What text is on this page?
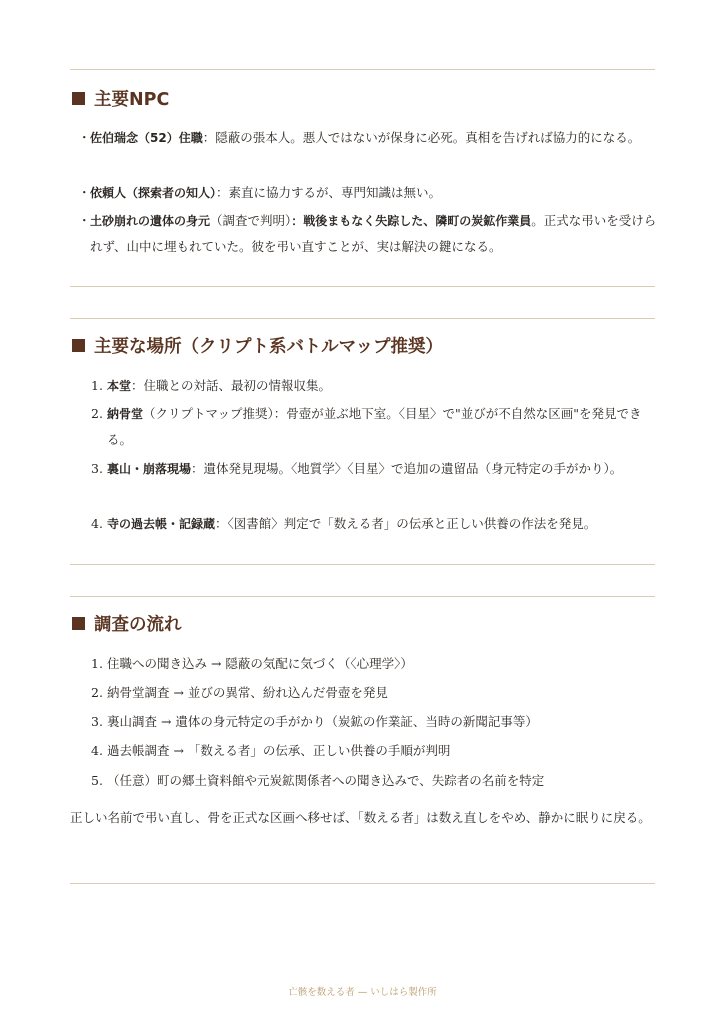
主要NPC
・ 佐伯瑞念（52）住職：隠蔽の張本人。悪人ではないが保身に必死。真相を告げれば協力的になる。
・ 依頼人（探索者の知人）：素直に協力するが、専門知識は無い。
・ 土砂崩れの遺体の身元（調査で判明）：戦後まもなく失踪した、隣町の炭鉱作業員。正式な弔いを受けられず、山中に埋もれていた。彼を弔い直すことが、実は解決の鍵になる。
主要な場所（クリプト系バトルマップ推奨）
1. 本堂：住職との対話、最初の情報収集。
2. 納骨堂（クリプトマップ推奨）：骨壺が並ぶ地下室。〈目星〉で"並びが不自然な区画"を発見できる。
3. 裏山・崩落現場：遺体発見現場。〈地質学〉〈目星〉で追加の遺留品（身元特定の手がかり）。
4. 寺の過去帳・記録蔵：〈図書館〉判定で「数える者」の伝承と正しい供養の作法を発見。
調査の流れ
1. 住職への聞き込み → 隠蔽の気配に気づく（〈心理学〉）
2. 納骨堂調査 → 並びの異常、紛れ込んだ骨壺を発見
3. 裏山調査 → 遺体の身元特定の手がかり（炭鉱の作業証、当時の新聞記事等）
4. 過去帳調査 → 「数える者」の伝承、正しい供養の手順が判明
5. （任意）町の郷土資料館や元炭鉱関係者への聞き込みで、失踪者の名前を特定
正しい名前で弔い直し、骨を正式な区画へ移せば、「数える者」は数え直しをやめ、静かに眠りに戻る。
亡骸を数える者 — いしはら製作所
